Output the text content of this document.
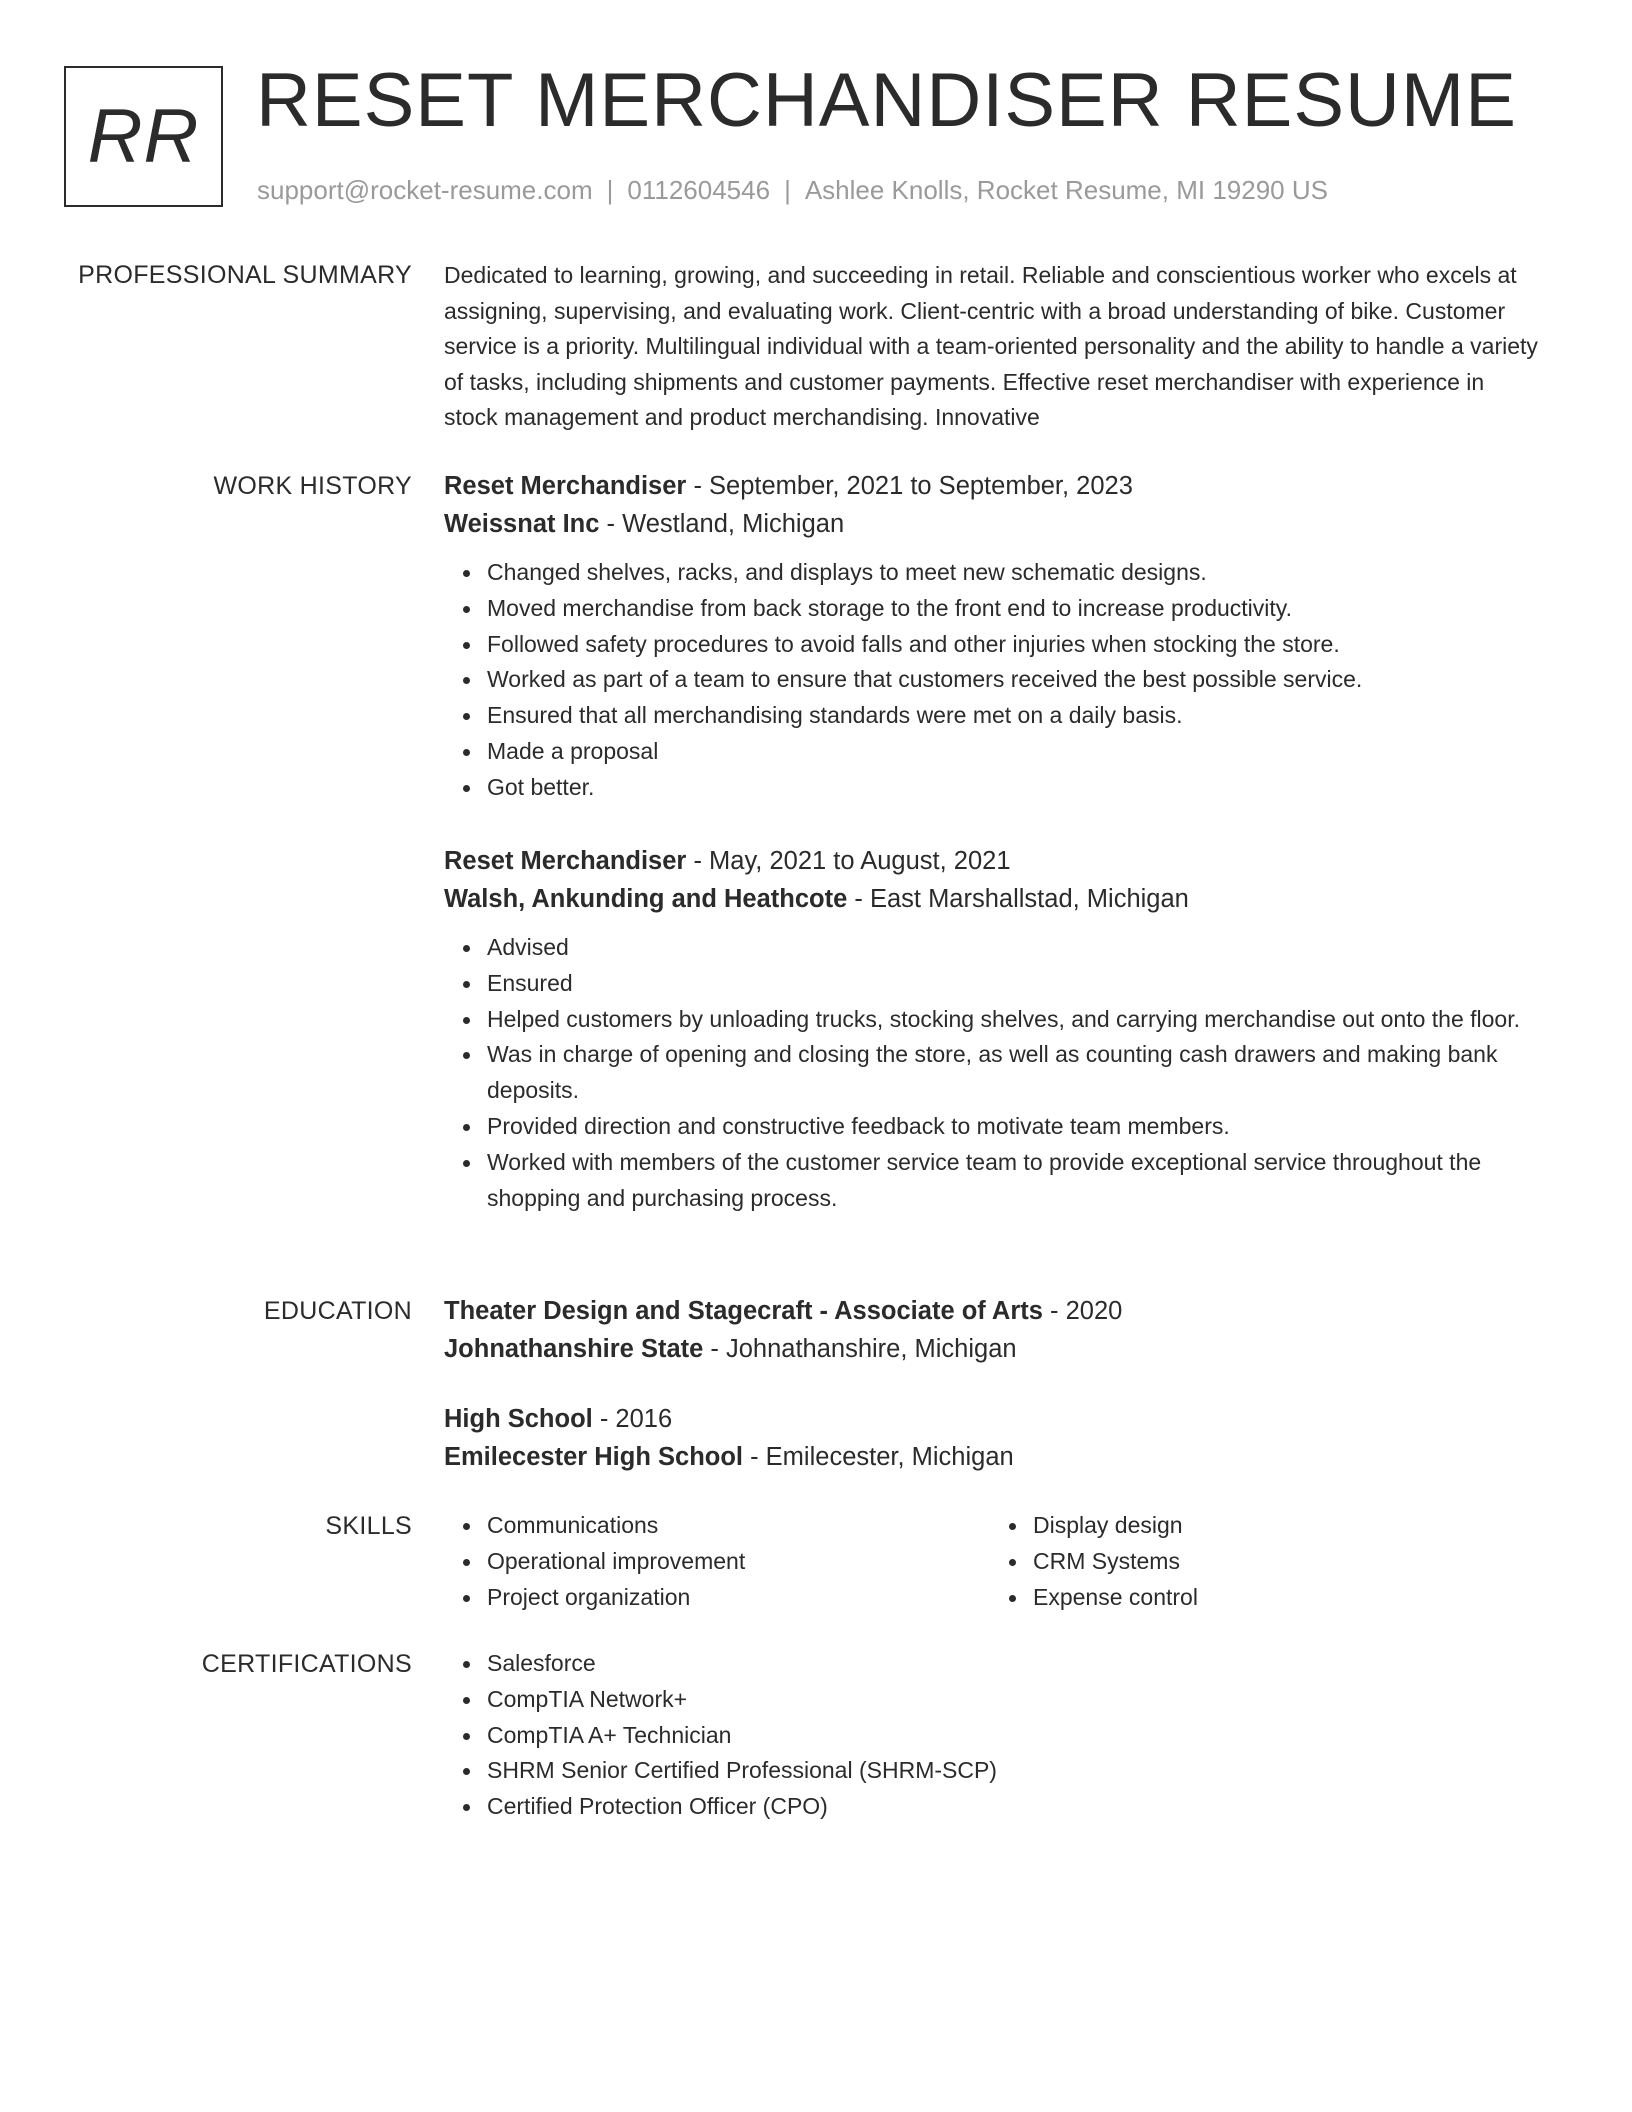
RR RESET MERCHANDISER RESUME
support@rocket-resume.com | 0112604546 | Ashlee Knolls, Rocket Resume, MI 19290 US
PROFESSIONAL SUMMARY Dedicated to learning, growing, and succeeding in retail. Reliable and conscientious worker who excels at assigning, supervising, and evaluating work. Client-centric with a broad understanding of bike. Customer service is a priority. Multilingual individual with a team-oriented personality and the ability to handle a variety of tasks, including shipments and customer payments. Effective reset merchandiser with experience in stock management and product merchandising. Innovative
WORK HISTORY Reset Merchandiser - September, 2021 to September, 2023
Weissnat Inc - Westland, Michigan
Changed shelves, racks, and displays to meet new schematic designs.
Moved merchandise from back storage to the front end to increase productivity.
Followed safety procedures to avoid falls and other injuries when stocking the store.
Worked as part of a team to ensure that customers received the best possible service.
Ensured that all merchandising standards were met on a daily basis.
Made a proposal
Got better.
Reset Merchandiser - May, 2021 to August, 2021
Walsh, Ankunding and Heathcote - East Marshallstad, Michigan
Advised
Ensured
Helped customers by unloading trucks, stocking shelves, and carrying merchandise out onto the floor.
Was in charge of opening and closing the store, as well as counting cash drawers and making bank deposits.
Provided direction and constructive feedback to motivate team members.
Worked with members of the customer service team to provide exceptional service throughout the shopping and purchasing process.
EDUCATION Theater Design and Stagecraft - Associate of Arts - 2020
Johnathanshire State - Johnathanshire, Michigan
High School - 2016
Emilecester High School - Emilecester, Michigan
SKILLS	Communications
Operational improvement
Project organization
Display design
CRM Systems
Expense control
CERTIFICATIONS	Salesforce
CompTIA Network+
CompTIA A+ Technician
SHRM Senior Certified Professional (SHRM-SCP)
Certified Protection Officer (CPO)
